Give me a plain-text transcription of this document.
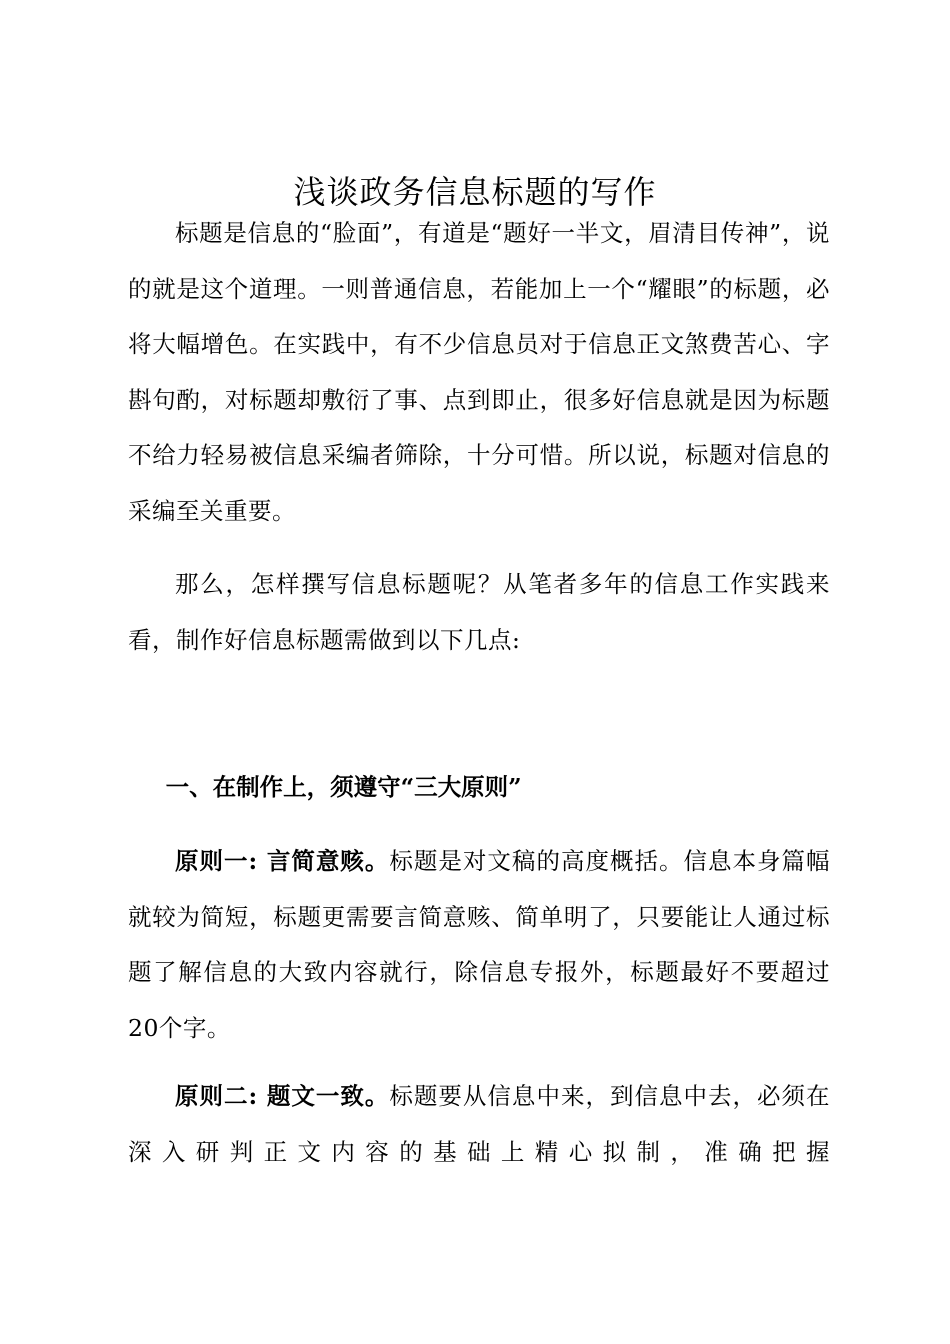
浅谈政务信息标题的写作

标题是信息的“脸面”，有道是“题好一半文，眉清目传神”，说的就是这个道理。一则普通信息，若能加上一个“耀眼”的标题，必将大幅增色。在实践中，有不少信息员对于信息正文煞费苦心、字斟句酌，对标题却敷衍了事、点到即止，很多好信息就是因为标题不给力轻易被信息采编者筛除，十分可惜。所以说，标题对信息的采编至关重要。

那么，怎样撰写信息标题呢？从笔者多年的信息工作实践来看，制作好信息标题需做到以下几点:

一、在制作上，须遵守“三大原则”

原则一: 言简意赅。标题是对文稿的高度概括。信息本身篇幅就较为简短，标题更需要言简意赅、简单明了，只要能让人通过标题了解信息的大致内容就行，除信息专报外，标题最好不要超过20个字。

原则二: 题文一致。标题要从信息中来，到信息中去，必须在深入研判正文内容的基础上精心拟制，准确把握
